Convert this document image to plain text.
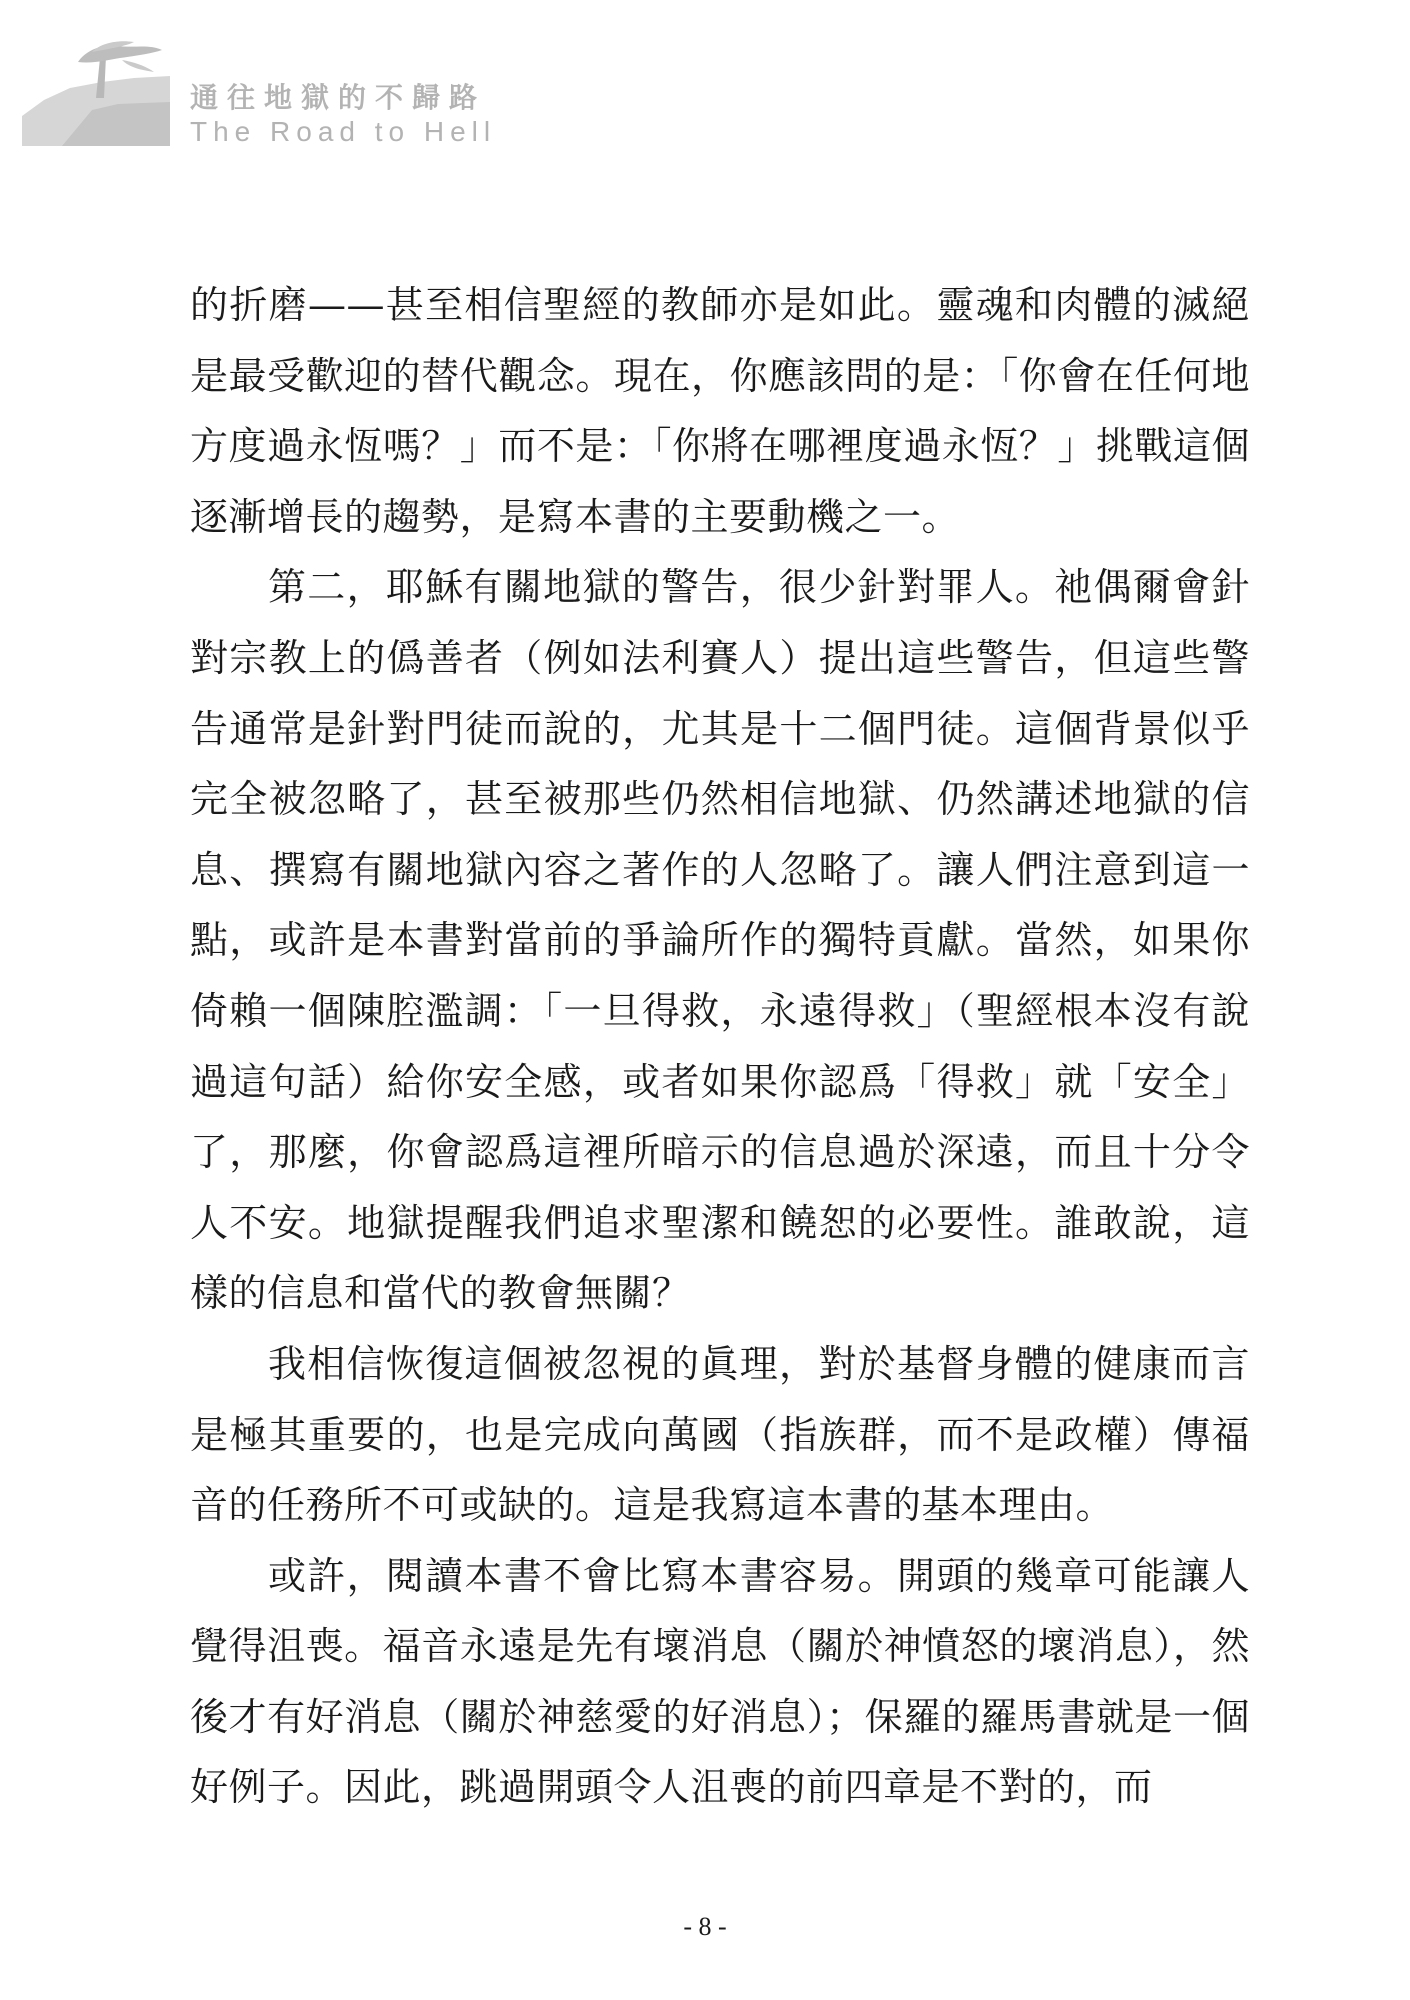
通往地獄的不歸路
The Road to Hell

的折磨——甚至相信聖經的教師亦是如此。靈魂和肉體的滅絕是最受歡迎的替代觀念。現在，你應該問的是：「你會在任何地方度過永恆嗎？」而不是：「你將在哪裡度過永恆？」挑戰這個逐漸增長的趨勢，是寫本書的主要動機之一。

第二，耶穌有關地獄的警告，很少針對罪人。祂偶爾會針對宗教上的僞善者（例如法利賽人）提出這些警告，但這些警告通常是針對門徒而說的，尤其是十二個門徒。這個背景似乎完全被忽略了，甚至被那些仍然相信地獄、仍然講述地獄的信息、撰寫有關地獄內容之著作的人忽略了。讓人們注意到這一點，或許是本書對當前的爭論所作的獨特貢獻。當然，如果你倚賴一個陳腔濫調：「一旦得救，永遠得救」（聖經根本沒有說過這句話）給你安全感，或者如果你認爲「得救」就「安全」了，那麼，你會認爲這裡所暗示的信息過於深遠，而且十分令人不安。地獄提醒我們追求聖潔和饒恕的必要性。誰敢說，這樣的信息和當代的教會無關？

我相信恢復這個被忽視的眞理，對於基督身體的健康而言是極其重要的，也是完成向萬國（指族群，而不是政權）傳福音的任務所不可或缺的。這是我寫這本書的基本理由。

或許，閱讀本書不會比寫本書容易。開頭的幾章可能讓人覺得沮喪。福音永遠是先有壞消息（關於神憤怒的壞消息），然後才有好消息（關於神慈愛的好消息）；保羅的羅馬書就是一個好例子。因此，跳過開頭令人沮喪的前四章是不對的，而

- 8 -
